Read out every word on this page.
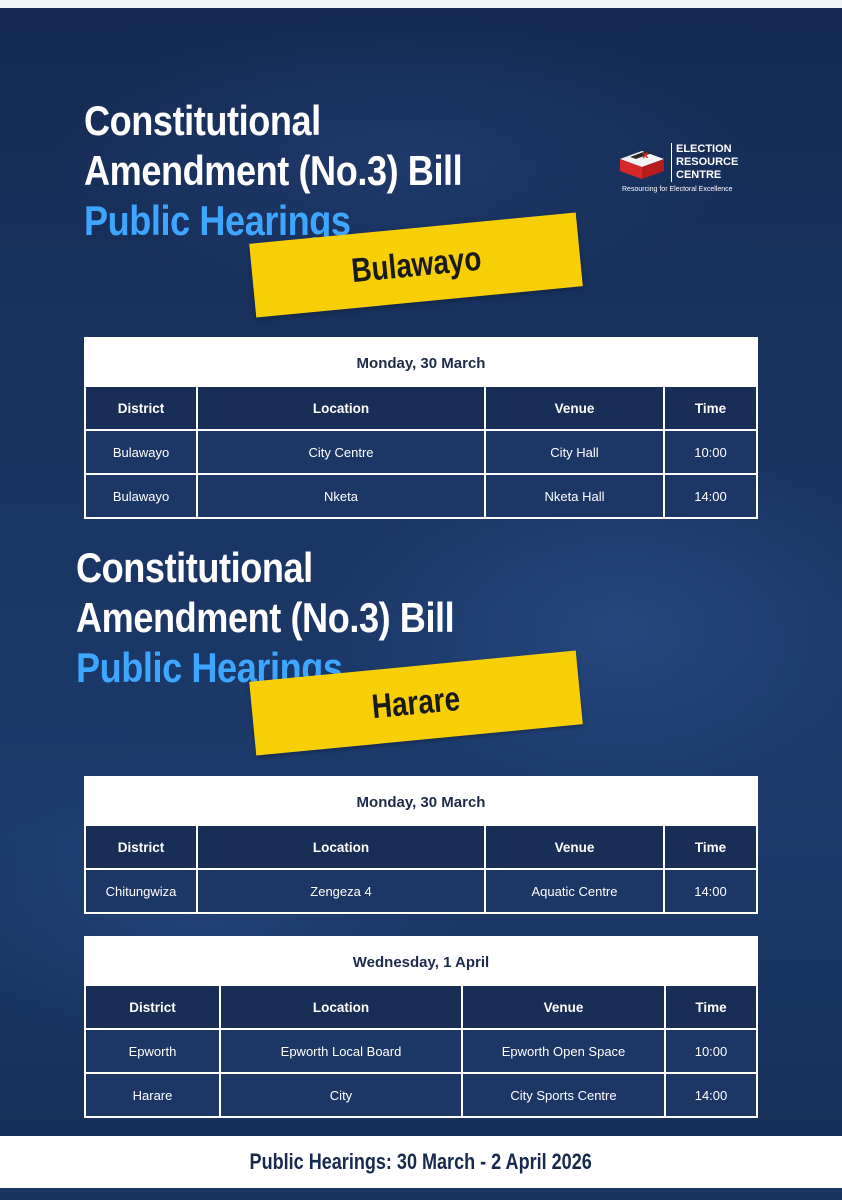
Constitutional
Amendment (No.3) Bill
Public Hearings
Bulawayo
x
ELECTION
RESOURCE
CENTRE
Resourcing for Electoral Excellence
Monday, 30 March
District	Location	Venue	Time
Bulawayo	City Centre	City Hall	10:00
Bulawayo	Nketa	Nketa Hall	14:00
Constitutional
Amendment (No.3) Bill
Public Hearings
Harare
Monday, 30 March
District	Location	Venue	Time
Chitungwiza	Zengeza 4	Aquatic Centre	14:00
Wednesday, 1 April
District	Location	Venue	Time
Epworth	Epworth Local Board	Epworth Open Space	10:00
Harare	City	City Sports Centre	14:00
Public Hearings: 30 March - 2 April 2026
